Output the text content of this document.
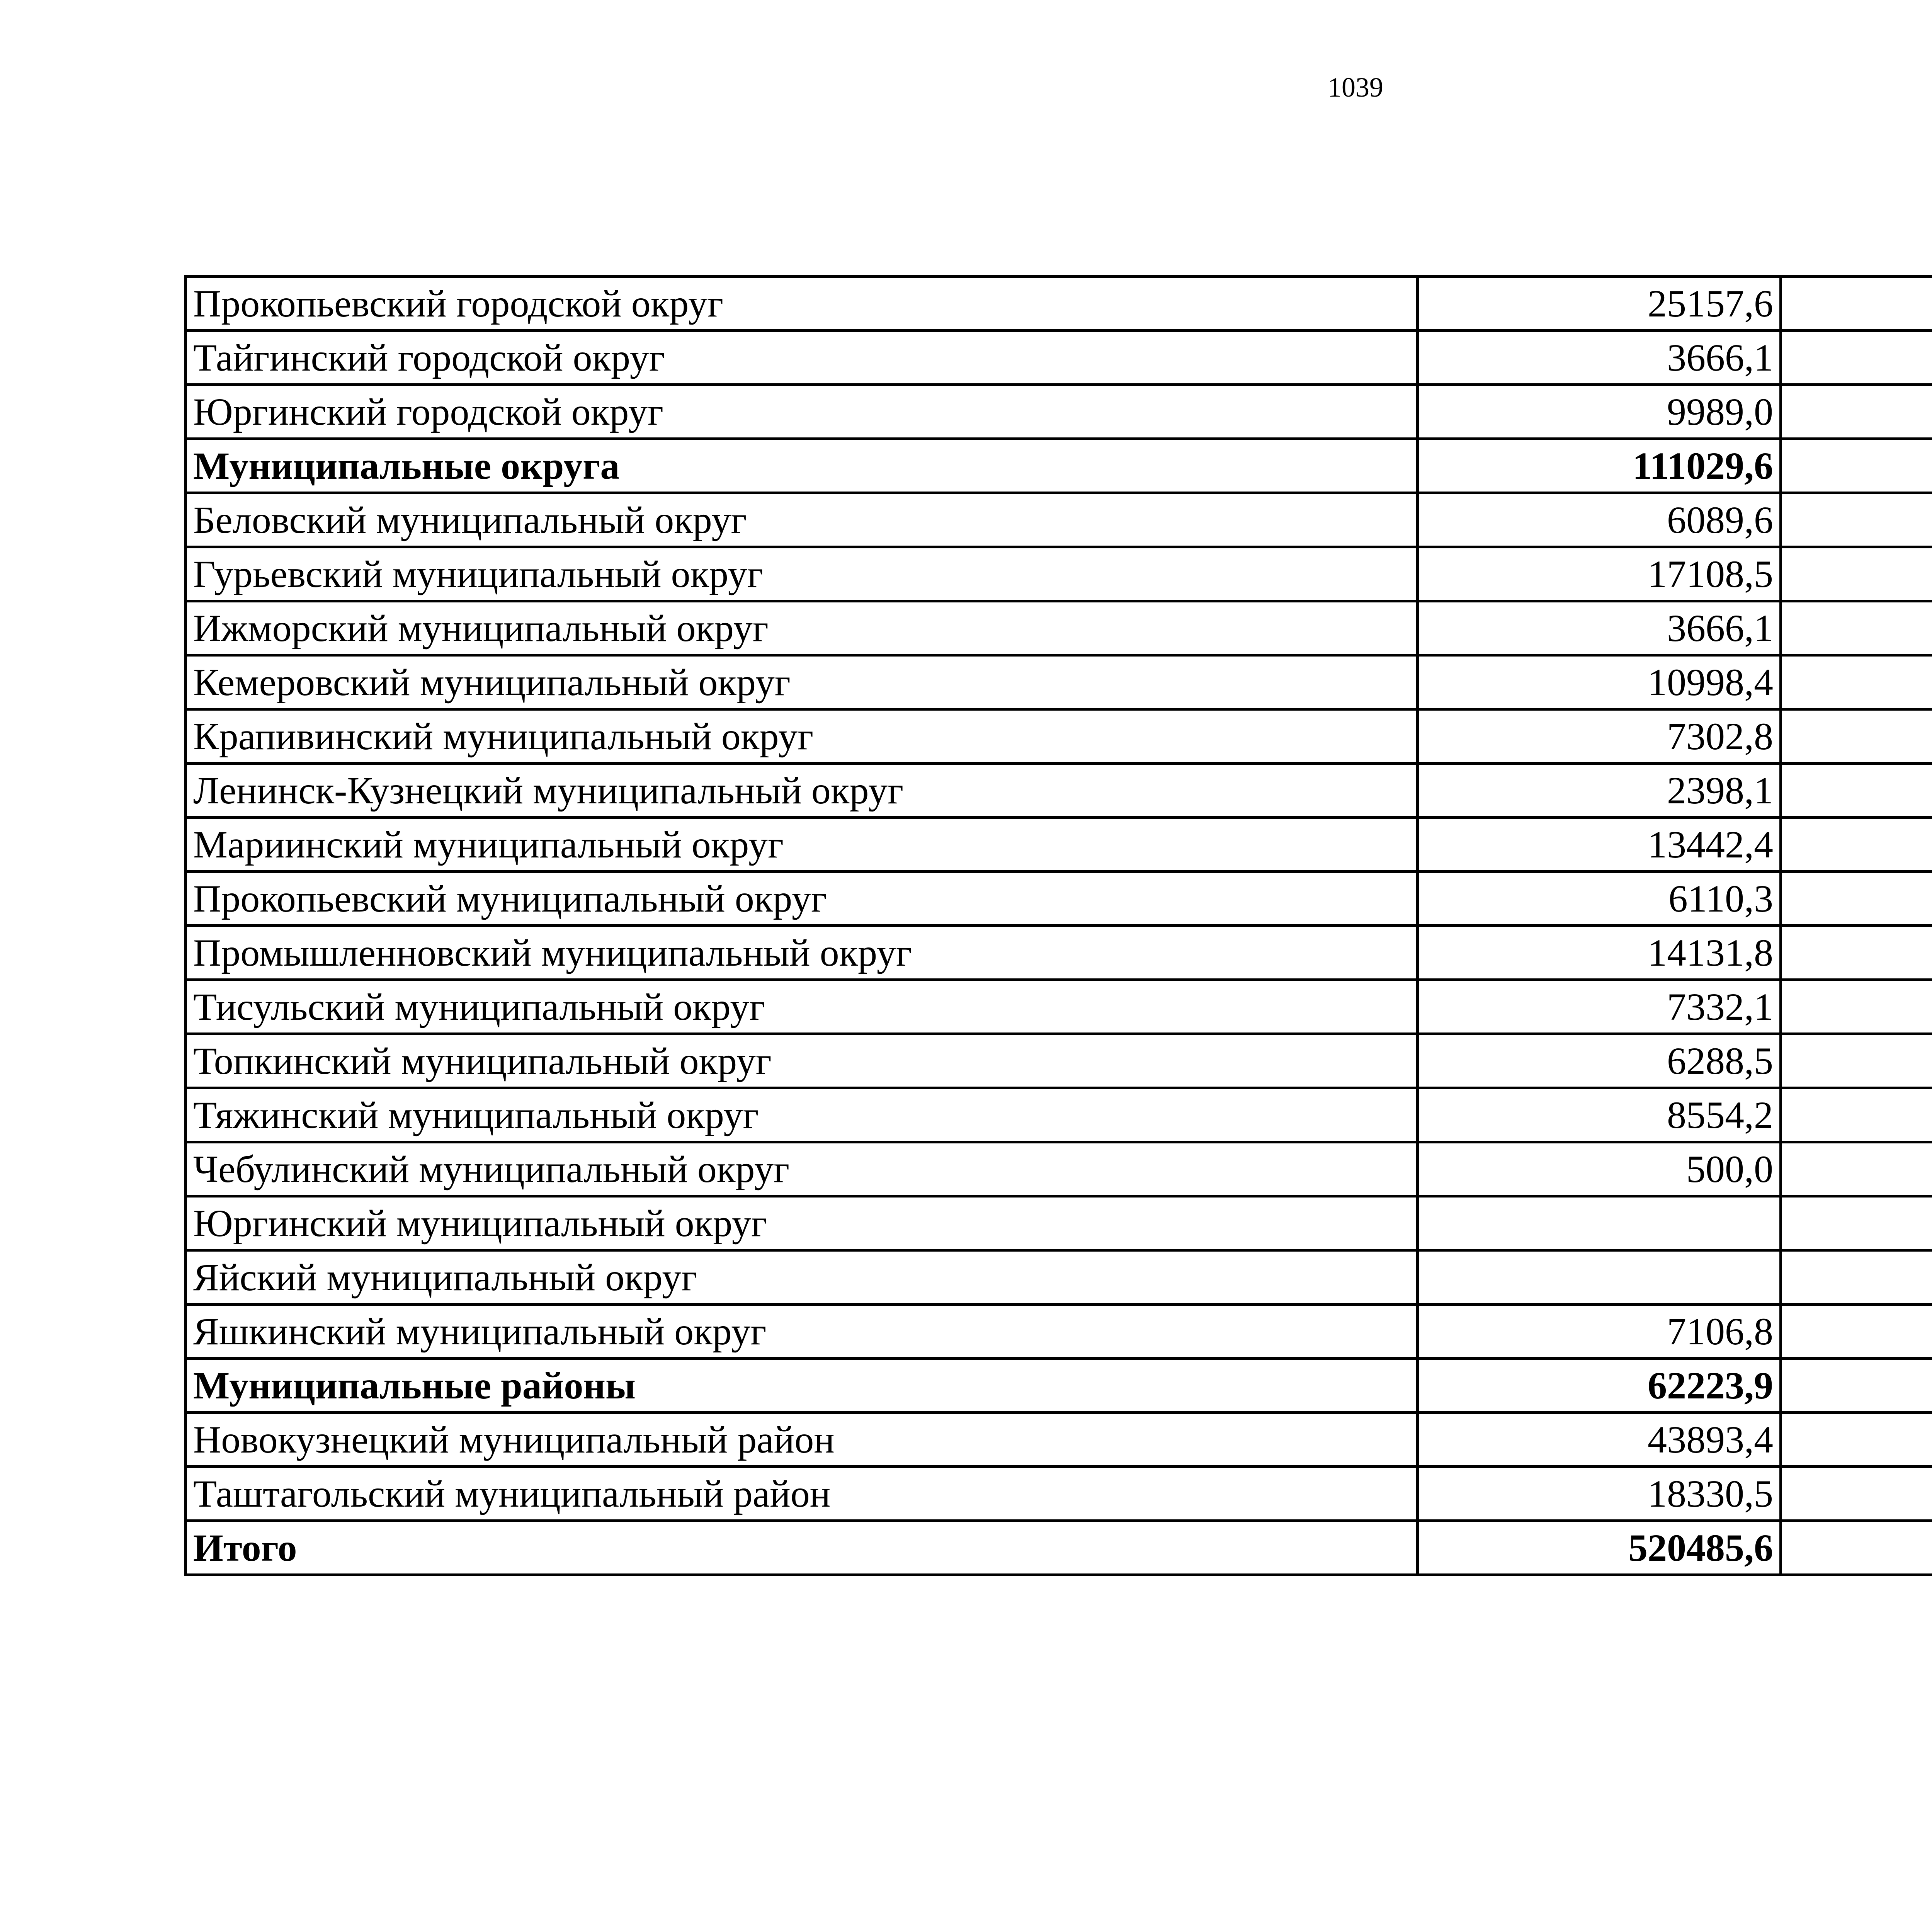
1039
Прокопьевский городской округ	25157,6		
Тайгинский городской округ	3666,1		
Юргинский городской округ	9989,0		
Муниципальные округа	111029,6		
Беловский муниципальный округ	6089,6		
Гурьевский муниципальный округ	17108,5		
Ижморский муниципальный округ	3666,1		
Кемеровский муниципальный округ	10998,4		
Крапивинский муниципальный округ	7302,8		
Ленинск-Кузнецкий муниципальный округ	2398,1		
Мариинский муниципальный округ	13442,4		
Прокопьевский муниципальный округ	6110,3		
Промышленновский муниципальный округ	14131,8		
Тисульский муниципальный округ	7332,1		
Топкинский муниципальный округ	6288,5		
Тяжинский муниципальный округ	8554,2		
Чебулинский муниципальный округ	500,0		
Юргинский муниципальный округ			
Яйский муниципальный округ			
Яшкинский муниципальный округ	7106,8		
Муниципальные районы	62223,9		
Новокузнецкий муниципальный район	43893,4		
Таштагольский муниципальный район	18330,5		
Итого	520485,6		
